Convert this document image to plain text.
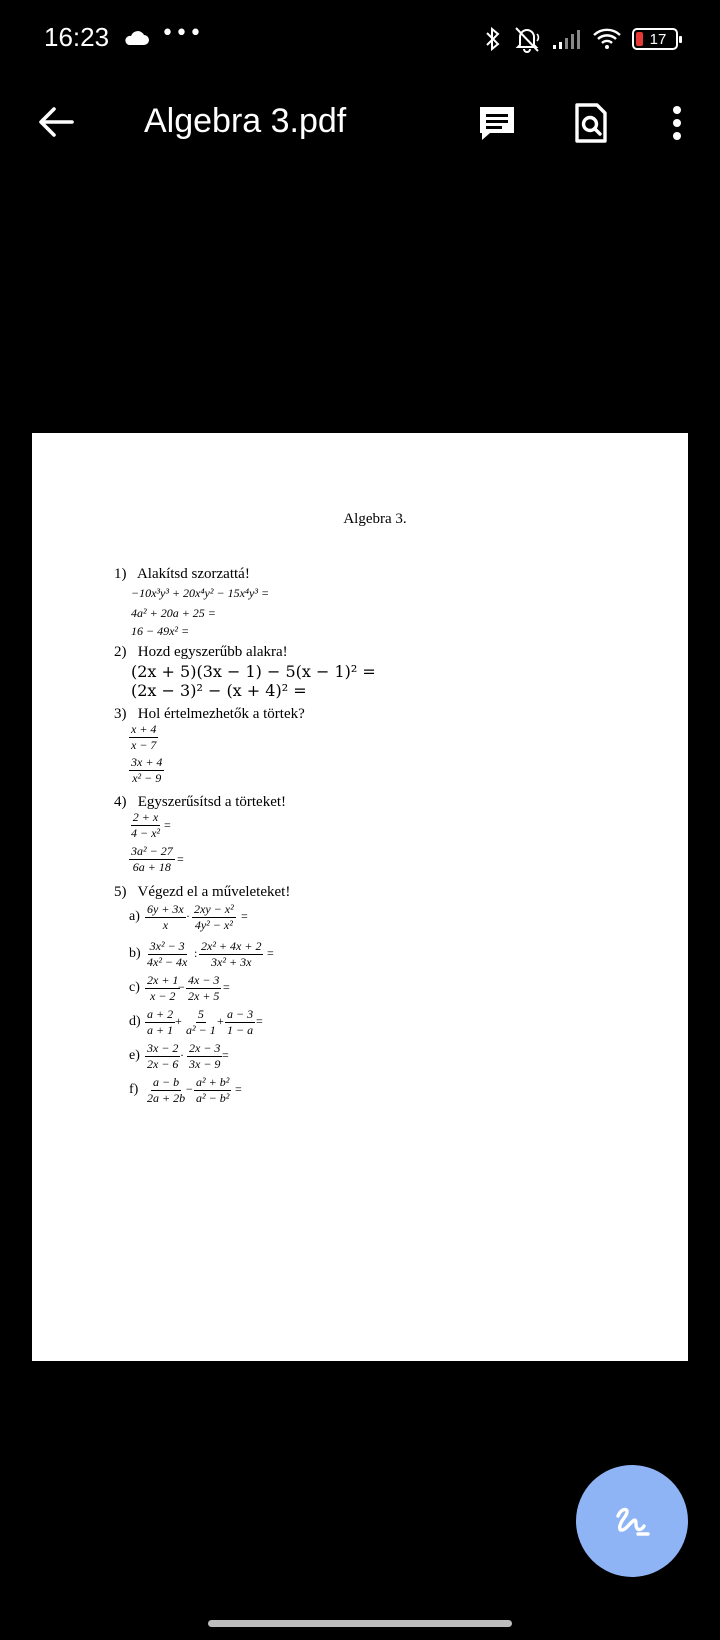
16:23 •••	17
Algebra 3.pdf
Algebra 3.
1) Alakítsd szorzattá!
−10x³y³ + 20x⁴y² − 15x⁴y³ =
4a² + 20a + 25 =
16 − 49x² =
2) Hozd egyszerűbb alakra!
(2x + 5)(3x − 1) − 5(x − 1)² =
(2x − 3)² − (x + 4)² =
3) Hol értelmezhetők a törtek?
$\frac{x + 4}{x - 7}$
$\frac{3x + 4}{\text{x² − 9}}$
4) Egyszerűsítsd a törteket!
$\frac{2 + x}{\text{4 − x²}}$ =
$\frac{\text{3a² − 27}}{6a + 18}$ =
5) Végezd el a műveleteket!
$a) \frac{6y + 3x}{x} \cdot \frac{\text{2xy − x²}}{\text{4y² − x²}}$ =
$b) \frac{\text{3x² − 3}}{\text{4x² − 4x}}$ : $\frac{\text{2x² + 4x + 2}}{\text{3x² + 3x}}$ =
$c) \frac{2x + 1}{x - 2}$
− $\frac{4x - 3}{2x + 5}$ =
$d) \frac{a + 2}{a + 1} + \frac{5}{\text{a² − 1}} + \frac{a - 3}{1 - a}$ =
$e) \frac{3x - 2}{2x - 6} \cdot \frac{2x - 3}{3x - 9}$ =
$f) \frac{a - b}{2a + 2b}$
− $\frac{\text{a² + b²}}{\text{a² − b²}}$ =
